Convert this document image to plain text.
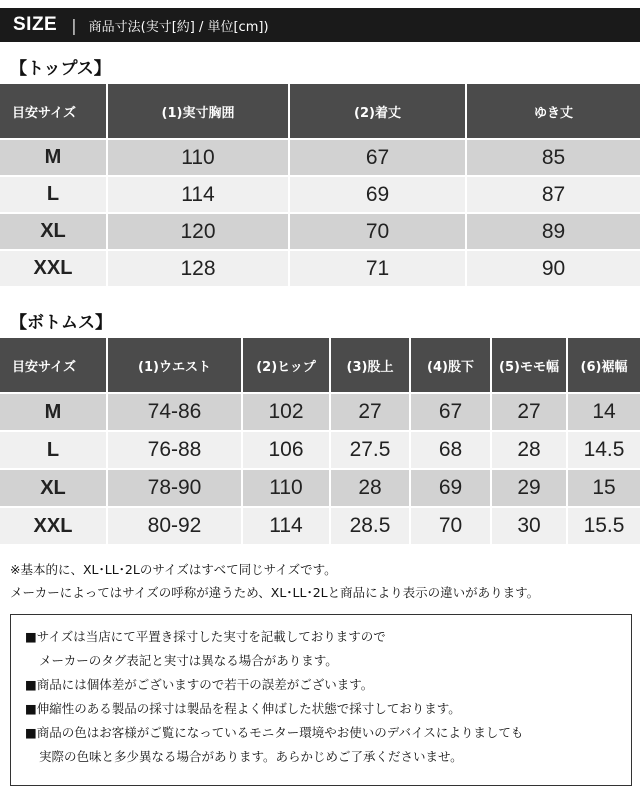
SIZE | 商品寸法(実寸[約] / 単位[cm])
【トップス】
目安サイズ	(1)実寸胸囲	(2)着丈	ゆき丈
M	110	67	85
L	114	69	87
XL	120	70	89
XXL	128	71	90
【ボトムス】
目安サイズ	(1)ウエスト	(2)ヒップ	(3)股上	(4)股下	(5)モモ幅	(6)裾幅
M	74-86	102	27	67	27	14
L	76-88	106	27.5	68	28	14.5
XL	78-90	110	28	69	29	15
XXL	80-92	114	28.5	70	30	15.5
※基本的に、XL･LL･2Lのサイズはすべて同じサイズです。
メーカーによってはサイズの呼称が違うため、XL･LL･2Lと商品により表示の違いがあります。
■サイズは当店にて平置き採寸した実寸を記載しておりますので
メーカーのタグ表記と実寸は異なる場合があります。
■商品には個体差がございますので若干の誤差がございます。
■伸縮性のある製品の採寸は製品を程よく伸ばした状態で採寸しております。
■商品の色はお客様がご覧になっているモニター環境やお使いのデバイスによりましても
実際の色味と多少異なる場合があります。あらかじめご了承くださいませ。
